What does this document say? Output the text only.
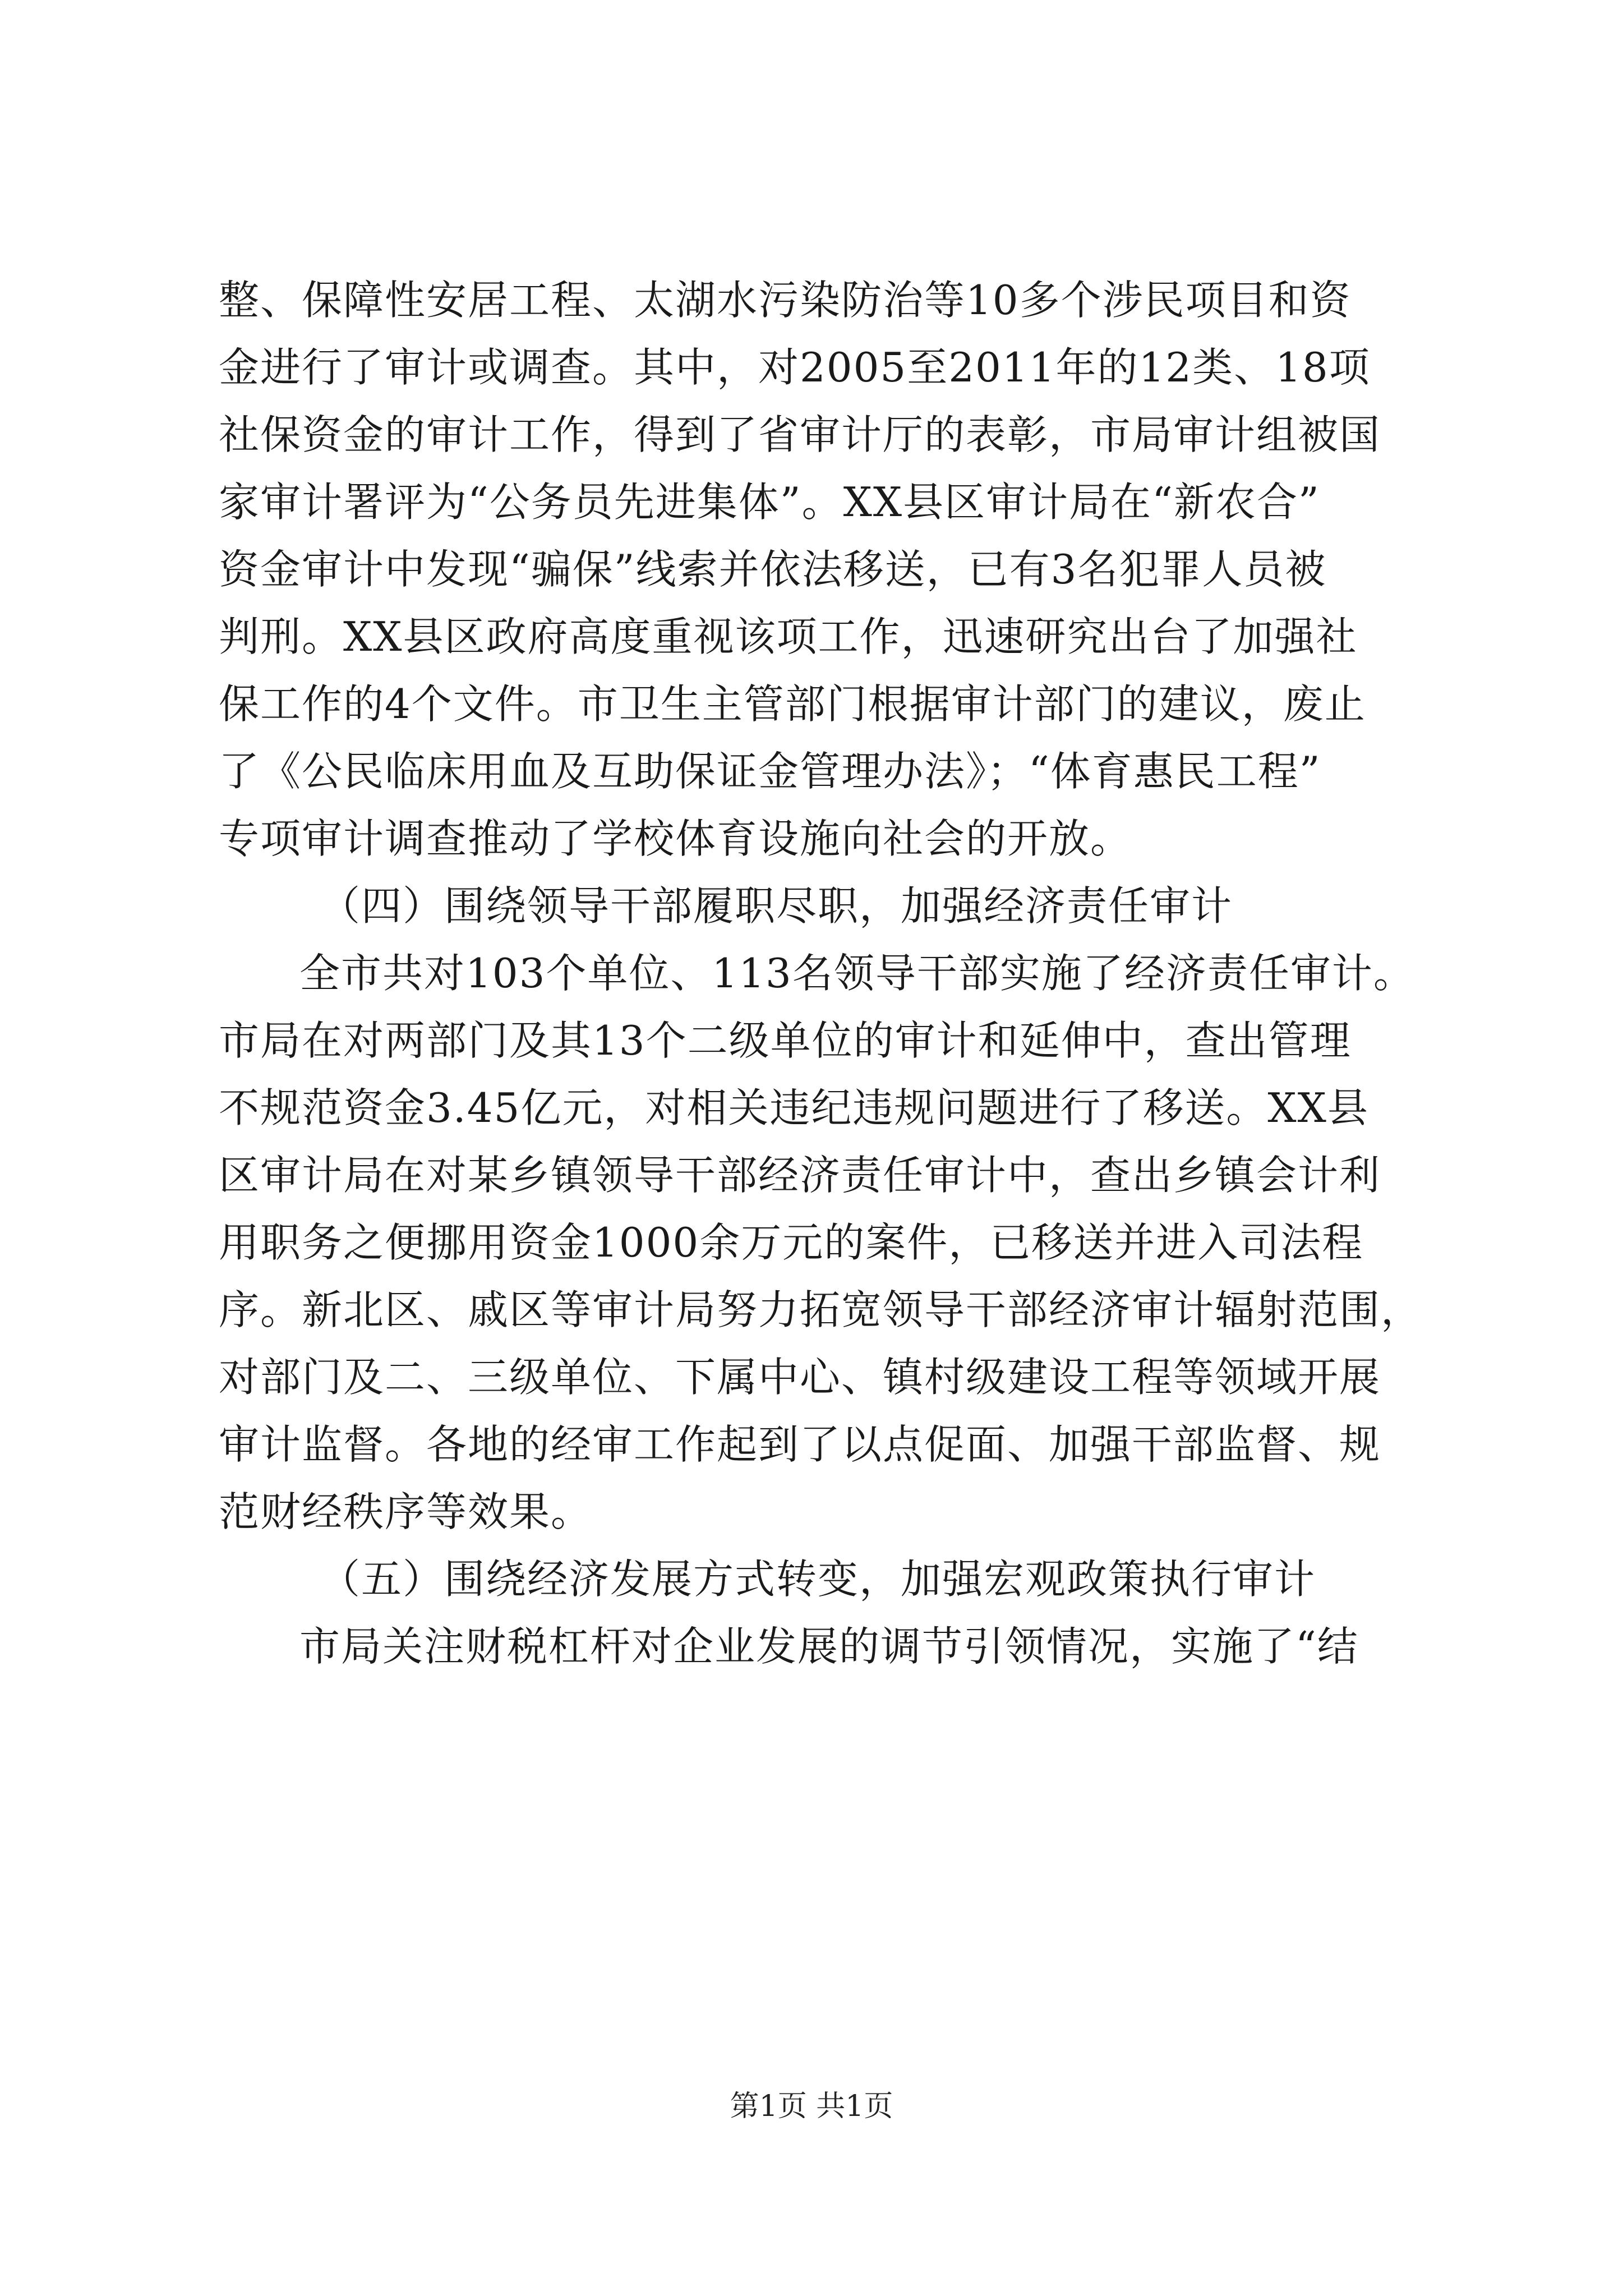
整、保障性安居工程、太湖水污染防治等10多个涉民项目和资
金进行了审计或调查。其中，对2005至2011年的12类、18项
社保资金的审计工作，得到了省审计厅的表彰，市局审计组被国
家审计署评为“公务员先进集体”。XX县区审计局在“新农合”
资金审计中发现“骗保”线索并依法移送，已有3名犯罪人员被
判刑。XX县区政府高度重视该项工作，迅速研究出台了加强社
保工作的4个文件。市卫生主管部门根据审计部门的建议，废止
了《公民临床用血及互助保证金管理办法》；“体育惠民工程”
专项审计调查推动了学校体育设施向社会的开放。
（四）围绕领导干部履职尽职，加强经济责任审计
全市共对103个单位、113名领导干部实施了经济责任审计。
市局在对两部门及其13个二级单位的审计和延伸中，查出管理
不规范资金3.45亿元，对相关违纪违规问题进行了移送。XX县
区审计局在对某乡镇领导干部经济责任审计中，查出乡镇会计利
用职务之便挪用资金1000余万元的案件，已移送并进入司法程
序。新北区、戚区等审计局努力拓宽领导干部经济审计辐射范围，
对部门及二、三级单位、下属中心、镇村级建设工程等领域开展
审计监督。各地的经审工作起到了以点促面、加强干部监督、规
范财经秩序等效果。
（五）围绕经济发展方式转变，加强宏观政策执行审计
市局关注财税杠杆对企业发展的调节引领情况，实施了“结
第1页 共1页
